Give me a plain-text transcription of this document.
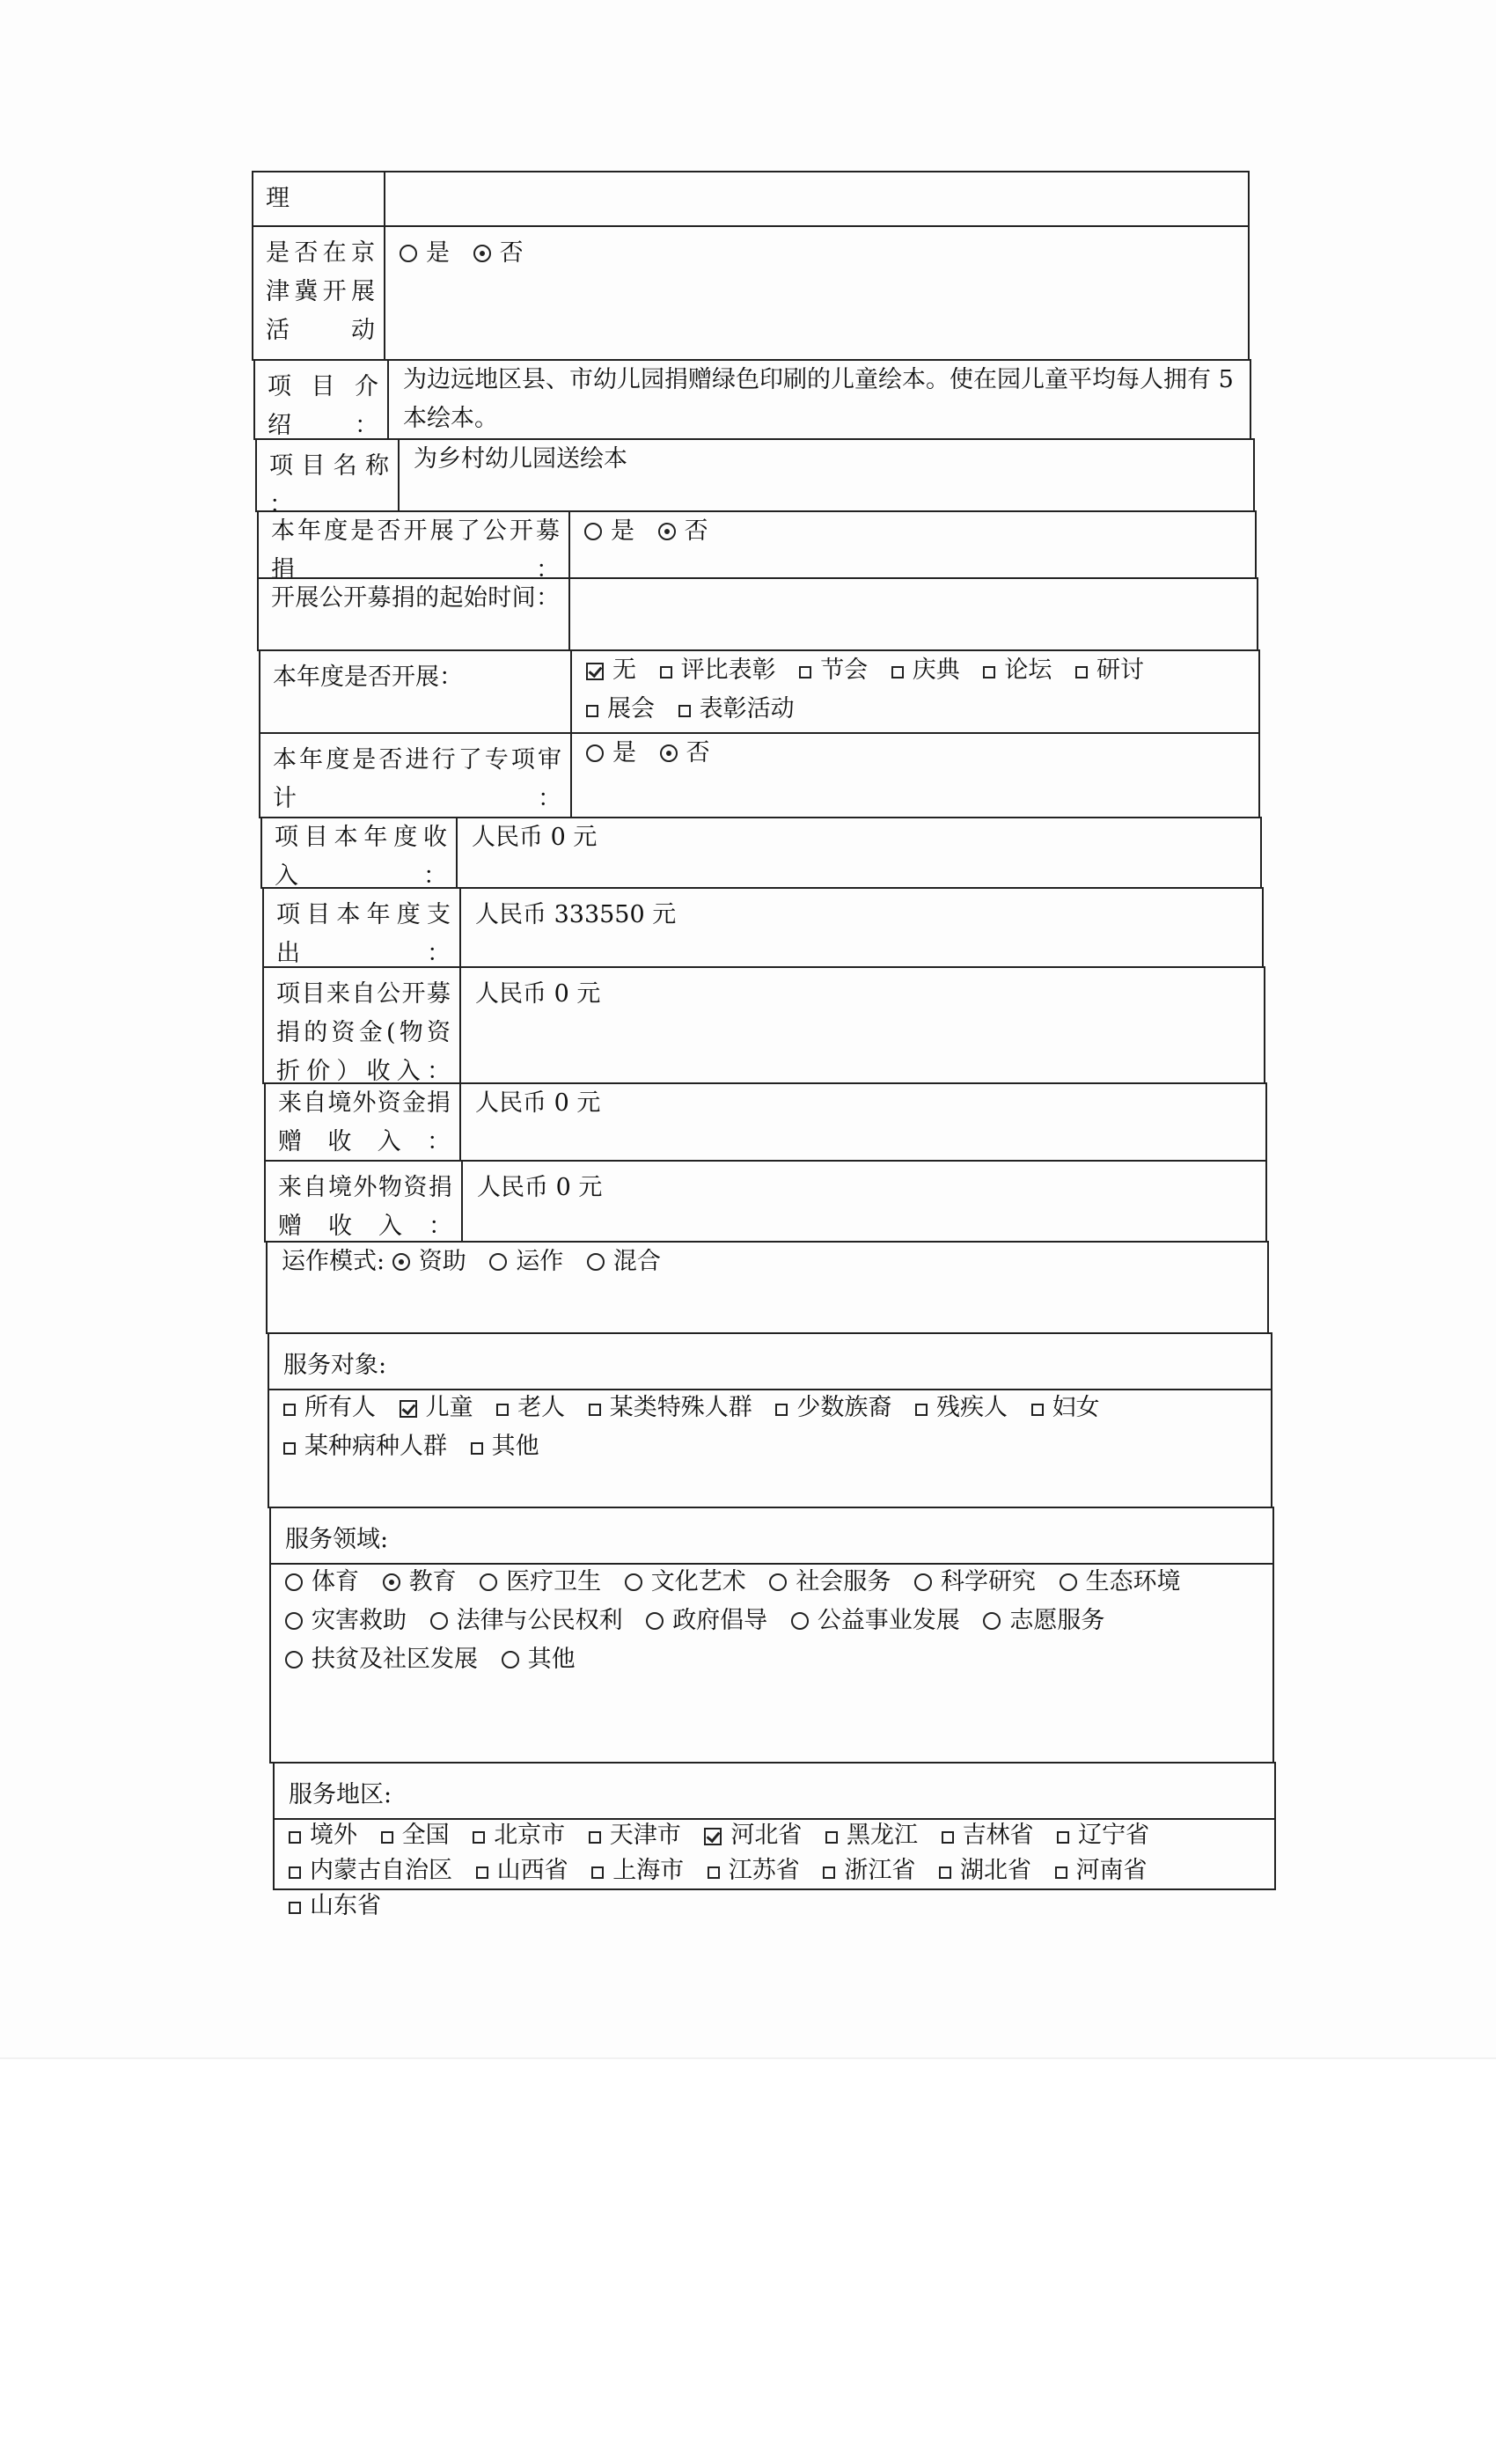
理
是否在京津冀开展活动
是 否
项 目 介 绍：
为边远地区县、市幼儿园捐赠绿色印刷的儿童绘本。使在园儿童平均每人拥有 5 本绘本。
项 目 名 称 ：
为乡村幼儿园送绘本
本年度是否开展了公开募捐：
是 否
开展公开募捐的起始时间：
本年度是否开展：	无 评比表彰 节会 庆典 论坛 研讨 展会 表彰活动
本年度是否进行了专项审计：
是 否
项目本年度收入：
人民币 0 元
项目本年度支出：
人民币 333550 元
项目来自公开募捐的资金(物资折价）收入：
人民币 0 元
来自境外资金捐赠收入：
人民币 0 元
来自境外物资捐赠收入：
人民币 0 元
运作模式: 资助 运作 混合
服务对象:
所有人 儿童 老人 某类特殊人群 少数族裔 残疾人 妇女 某种病种人群 其他
服务领域:
体育 教育 医疗卫生 文化艺术 社会服务 科学研究 生态环境 灾害救助 法律与公民权利 政府倡导 公益事业发展 志愿服务 扶贫及社区发展 其他
服务地区:
境外 全国 北京市 天津市 河北省 黑龙江 吉林省 辽宁省 内蒙古自治区 山西省 上海市 江苏省 浙江省 湖北省 河南省 山东省
